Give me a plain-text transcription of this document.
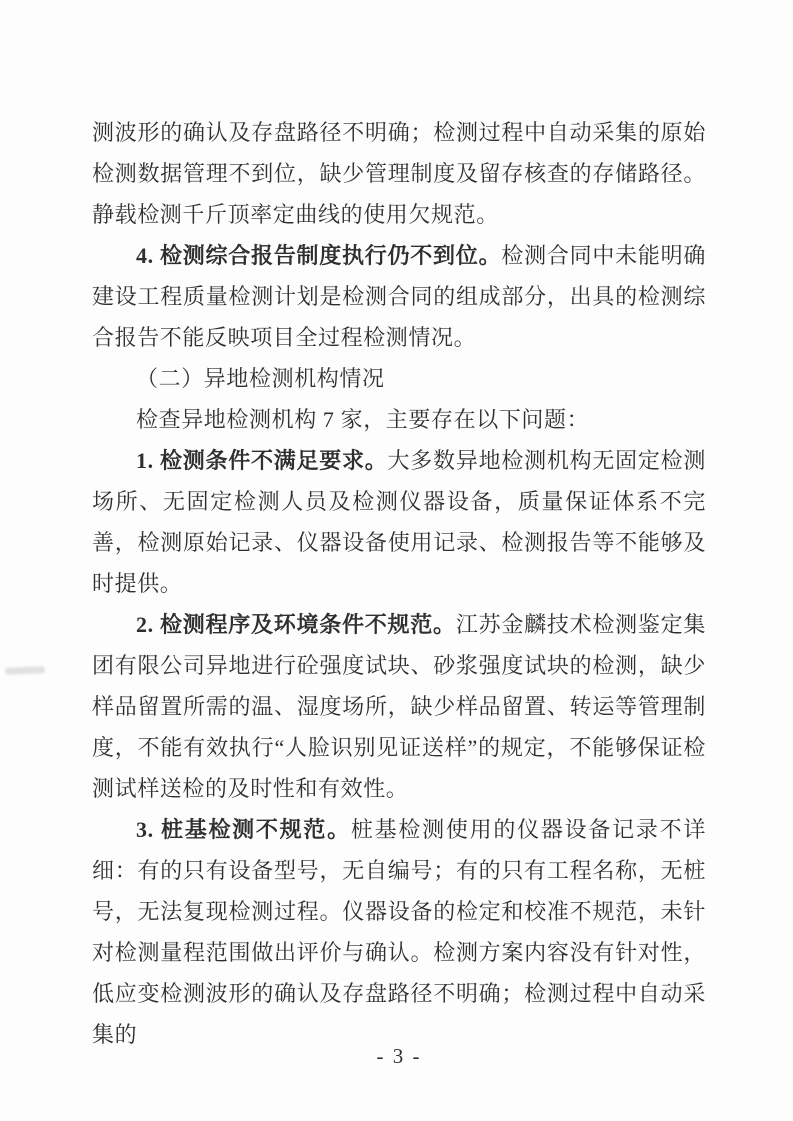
测波形的确认及存盘路径不明确；检测过程中自动采集的原始检测数据管理不到位，缺少管理制度及留存核查的存储路径。静载检测千斤顶率定曲线的使用欠规范。

4. 检测综合报告制度执行仍不到位。检测合同中未能明确建设工程质量检测计划是检测合同的组成部分，出具的检测综合报告不能反映项目全过程检测情况。

（二）异地检测机构情况

检查异地检测机构 7 家，主要存在以下问题：

1. 检测条件不满足要求。大多数异地检测机构无固定检测场所、无固定检测人员及检测仪器设备，质量保证体系不完善，检测原始记录、仪器设备使用记录、检测报告等不能够及时提供。

2. 检测程序及环境条件不规范。江苏金麟技术检测鉴定集团有限公司异地进行砼强度试块、砂浆强度试块的检测，缺少样品留置所需的温、湿度场所，缺少样品留置、转运等管理制度，不能有效执行“人脸识别见证送样”的规定，不能够保证检测试样送检的及时性和有效性。

3. 桩基检测不规范。桩基检测使用的仪器设备记录不详细：有的只有设备型号，无自编号；有的只有工程名称，无桩号，无法复现检测过程。仪器设备的检定和校准不规范，未针对检测量程范围做出评价与确认。检测方案内容没有针对性，低应变检测波形的确认及存盘路径不明确；检测过程中自动采集的

- 3 -
